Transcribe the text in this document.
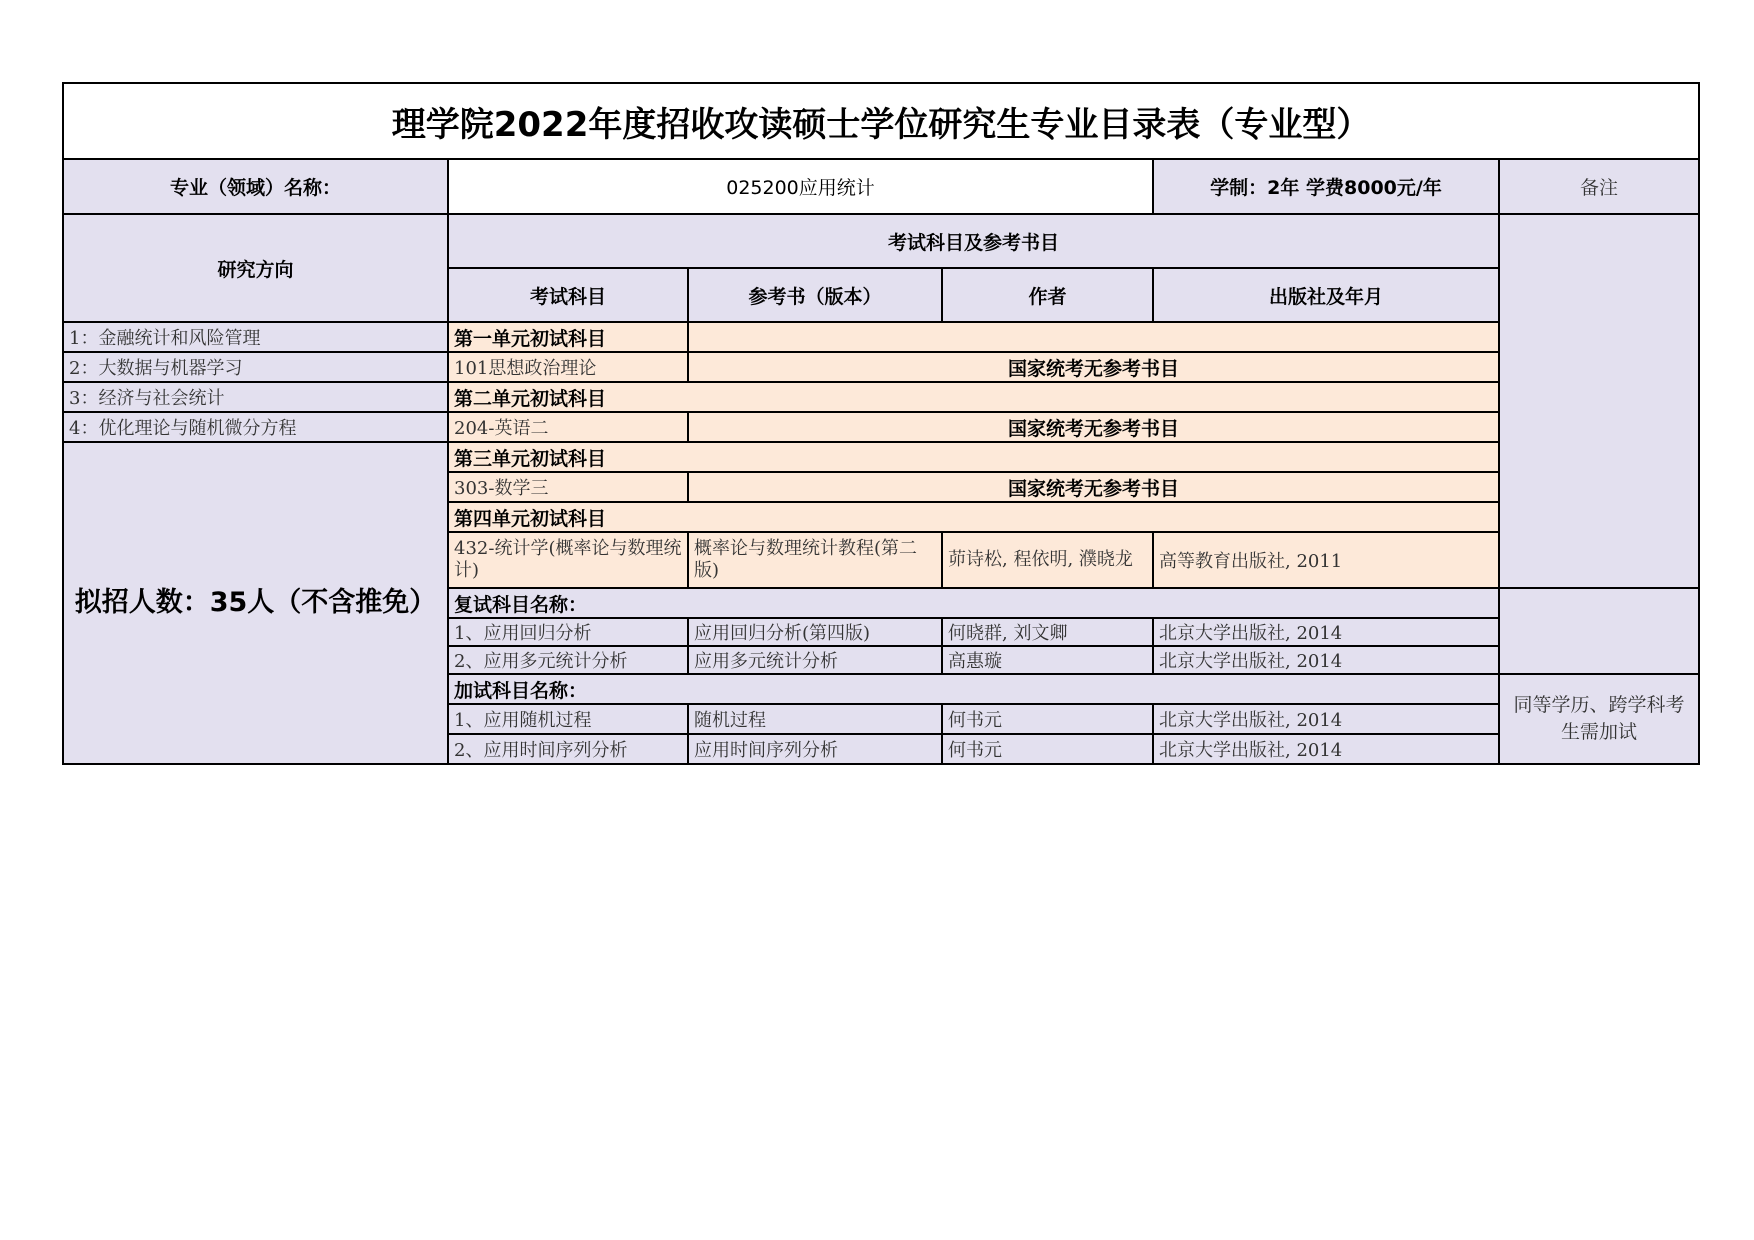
理学院2022年度招收攻读硕士学位研究生专业目录表（专业型）					
专业（领域）名称：	025200应用统计			学制：2年 学费8000元/年	备注
研究方向	考试科目及参考书目				
	考试科目	参考书（版本）	作者	出版社及年月	
1：金融统计和风险管理	第一单元初试科目				
2：大数据与机器学习	101思想政治理论	国家统考无参考书目			
3：经济与社会统计	第二单元初试科目				
4：优化理论与随机微分方程	204-英语二	国家统考无参考书目			
拟招人数：35人（不含推免）	第三单元初试科目				
	303-数学三	国家统考无参考书目			
	第四单元初试科目				
	432-统计学(概率论与数理统计)	概率论与数理统计教程(第二版)	茆诗松, 程依明, 濮晓龙	高等教育出版社, 2011	
	复试科目名称：				
	1、应用回归分析	应用回归分析(第四版)	何晓群, 刘文卿	北京大学出版社, 2014	
	2、应用多元统计分析	应用多元统计分析	高惠璇	北京大学出版社, 2014	
	加试科目名称：				同等学历、跨学科考生需加试
	1、应用随机过程	随机过程	何书元	北京大学出版社, 2014	
	2、应用时间序列分析	应用时间序列分析	何书元	北京大学出版社, 2014	
